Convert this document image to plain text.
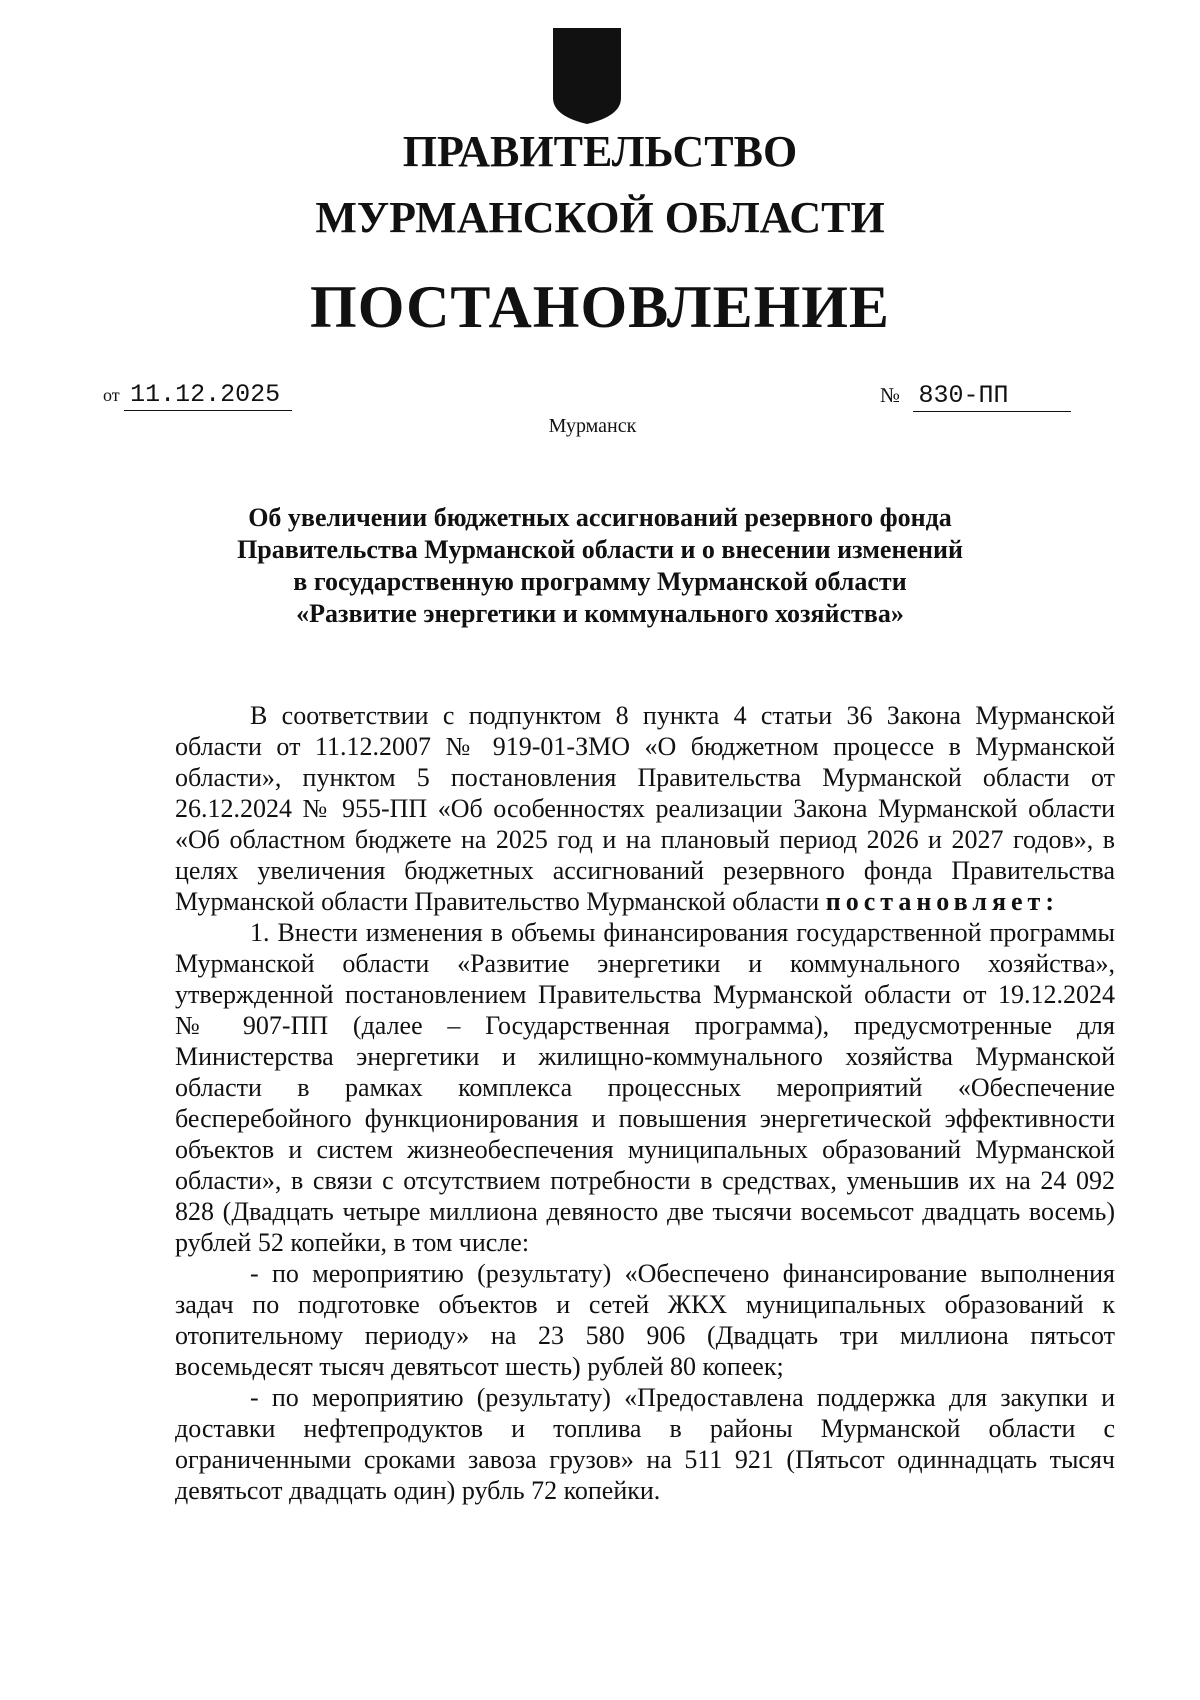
ПРАВИТЕЛЬСТВО
МУРМАНСКОЙ ОБЛАСТИ
ПОСТАНОВЛЕНИЕ
от 11.12.2025	№ 830-ПП
Мурманск
Об увеличении бюджетных ассигнований резервного фонда
Правительства Мурманской области и о внесении изменений
в государственную программу Мурманской области
«Развитие энергетики и коммунального хозяйства»

В соответствии с подпунктом 8 пункта 4 статьи 36 Закона Мурманской области от 11.12.2007 № 919-01-ЗМО «О бюджетном процессе в Мурманской области», пунктом 5 постановления Правительства Мурманской области от 26.12.2024 № 955-ПП «Об особенностях реализации Закона Мурманской области «Об областном бюджете на 2025 год и на плановый период 2026 и 2027 годов», в целях увеличения бюджетных ассигнований резервного фонда Правительства Мурманской области Правительство Мурманской области постановляет:

1. Внести изменения в объемы финансирования государственной программы Мурманской области «Развитие энергетики и коммунального хозяйства», утвержденной постановлением Правительства Мурманской области от 19.12.2024 № 907-ПП (далее – Государственная программа), предусмотренные для Министерства энергетики и жилищно-коммунального хозяйства Мурманской области в рамках комплекса процессных мероприятий «Обеспечение бесперебойного функционирования и повышения энергетической эффективности объектов и систем жизнеобеспечения муниципальных образований Мурманской области», в связи с отсутствием потребности в средствах, уменьшив их на 24 092 828 (Двадцать четыре миллиона девяносто две тысячи восемьсот двадцать восемь) рублей 52 копейки, в том числе:

- по мероприятию (результату) «Обеспечено финансирование выполнения задач по подготовке объектов и сетей ЖКХ муниципальных образований к отопительному периоду» на 23 580 906 (Двадцать три миллиона пятьсот восемьдесят тысяч девятьсот шесть) рублей 80 копеек;

- по мероприятию (результату) «Предоставлена поддержка для закупки и доставки нефтепродуктов и топлива в районы Мурманской области с ограниченными сроками завоза грузов» на 511 921 (Пятьсот одиннадцать тысяч девятьсот двадцать один) рубль 72 копейки.
